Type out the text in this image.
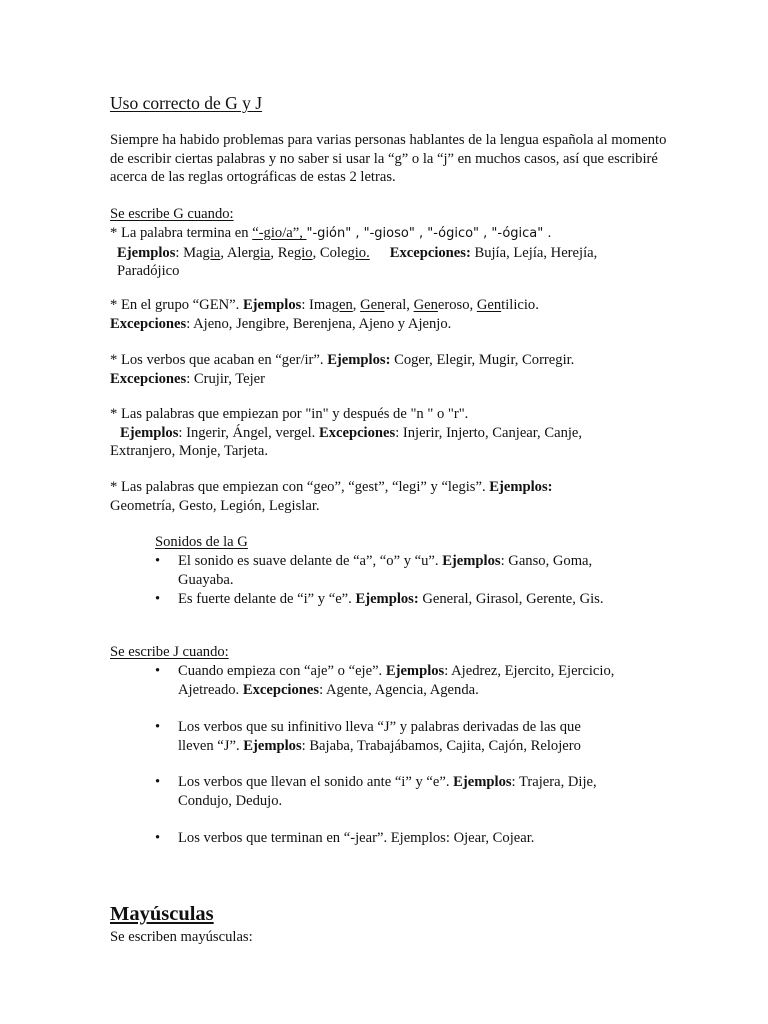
Uso correcto de G y J

Siempre ha habido problemas para varias personas hablantes de la lengua española al momento de escribir ciertas palabras y no saber si usar la “g” o la “j” en muchos casos, así que escribiré acerca de las reglas ortográficas de estas 2 letras.

Se escribe G cuando:
* La palabra termina en “-gio/a”, "-gión" , "-gioso" , "-ógico" , "-ógica" .
Ejemplos: Magia, Alergia, Regio, Colegio. Excepciones: Bujía, Lejía, Herejía,
Paradójico
* En el grupo “GEN”. Ejemplos: Imagen, General, Generoso, Gentilicio.
Excepciones: Ajeno, Jengibre, Berenjena, Ajeno y Ajenjo.
* Los verbos que acaban en “ger/ir”. Ejemplos: Coger, Elegir, Mugir, Corregir.
Excepciones: Crujir, Tejer
* Las palabras que empiezan por "in" y después de "n " o "r".
Ejemplos: Ingerir, Ángel, vergel. Excepciones: Injerir, Injerto, Canjear, Canje,
Extranjero, Monje, Tarjeta.
* Las palabras que empiezan con “geo”, “gest”, “legi” y “legis”. Ejemplos:
Geometría, Gesto, Legión, Legislar.
Sonidos de la G
• El sonido es suave delante de “a”, “o” y “u”. Ejemplos: Ganso, Goma,
Guayaba.
• Es fuerte delante de “i” y “e”. Ejemplos: General, Girasol, Gerente, Gis.
Se escribe J cuando:
• Cuando empieza con “aje” o “eje”. Ejemplos: Ajedrez, Ejercito, Ejercicio,
Ajetreado. Excepciones: Agente, Agencia, Agenda.
• Los verbos que su infinitivo lleva “J” y palabras derivadas de las que
lleven “J”. Ejemplos: Bajaba, Trabajábamos, Cajita, Cajón, Relojero
• Los verbos que llevan el sonido ante “i” y “e”. Ejemplos: Trajera, Dije,
Condujo, Dedujo.
• Los verbos que terminan en “-jear”. Ejemplos: Ojear, Cojear.
Mayúsculas
Se escriben mayúsculas:
